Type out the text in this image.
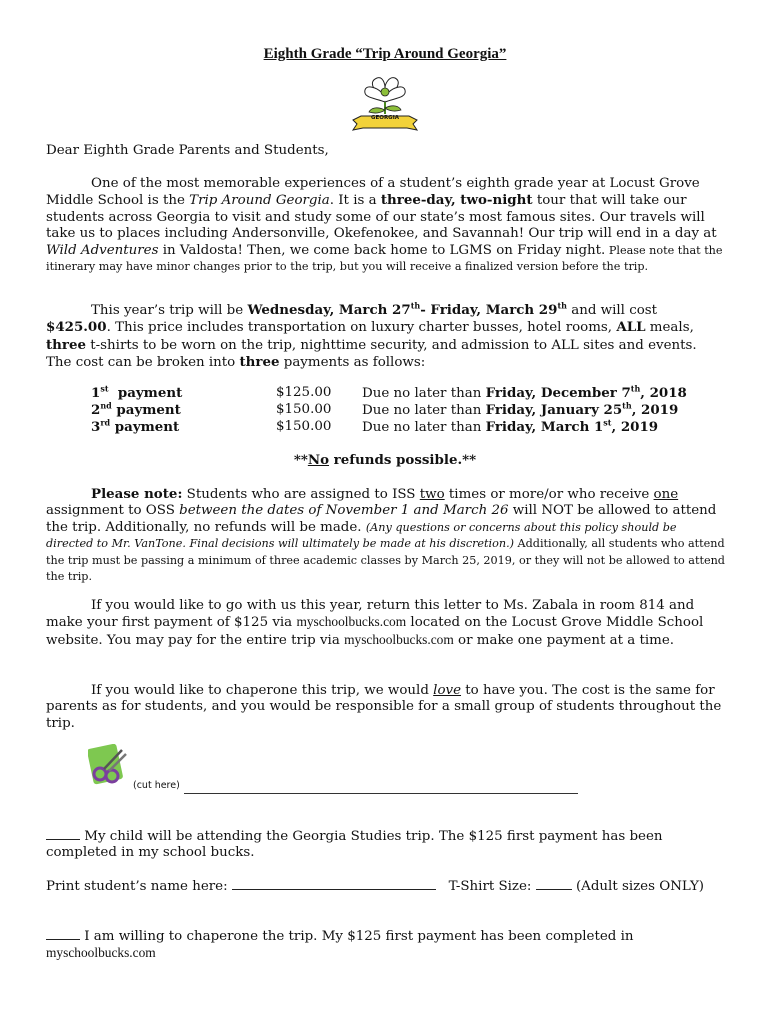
Eighth Grade “Trip Around Georgia”
GEORGIA
Dear Eighth Grade Parents and Students,
One of the most memorable experiences of a student’s eighth grade year at Locust Grove Middle School is the Trip Around Georgia. It is a three-day, two-night tour that will take our students across Georgia to visit and study some of our state’s most famous sites. Our travels will take us to places including Andersonville, Okefenokee, and Savannah! Our trip will end in a day at Wild Adventures in Valdosta! Then, we come back home to LGMS on Friday night. Please note that the itinerary may have minor changes prior to the trip, but you will receive a finalized version before the trip.
This year’s trip will be Wednesday, March 27th- Friday, March 29th and will cost $425.00. This price includes transportation on luxury charter busses, hotel rooms, ALL meals, three t-shirts to be worn on the trip, nighttime security, and admission to ALL sites and events. The cost can be broken into three payments as follows:
1st  payment	$125.00 Due no later than Friday, December 7th, 2018
2nd payment	$150.00 Due no later than Friday, January 25th, 2019
3rd payment	$150.00 Due no later than Friday, March 1st, 2019
**No refunds possible.**
Please note: Students who are assigned to ISS two times or more/or who receive one assignment to OSS between the dates of November 1 and March 26 will NOT be allowed to attend the trip. Additionally, no refunds will be made. (Any questions or concerns about this policy should be directed to Mr. VanTone. Final decisions will ultimately be made at his discretion.) Additionally, all students who attend the trip must be passing a minimum of three academic classes by March 25, 2019, or they will not be allowed to attend the trip.
If you would like to go with us this year, return this letter to Ms. Zabala in room 814 and make your first payment of $125 via myschoolbucks.com located on the Locust Grove Middle School website. You may pay for the entire trip via myschoolbucks.com or make one payment at a time.
If you would like to chaperone this trip, we would love to have you. The cost is the same for parents as for students, and you would be responsible for a small group of students throughout the trip.
(cut here)
My child will be attending the Georgia Studies trip. The $125 first payment has been completed in my school bucks.
Print student’s name here:	T-Shirt Size:	(Adult sizes ONLY)
I am willing to chaperone the trip. My $125 first payment has been completed in myschoolbucks.com
